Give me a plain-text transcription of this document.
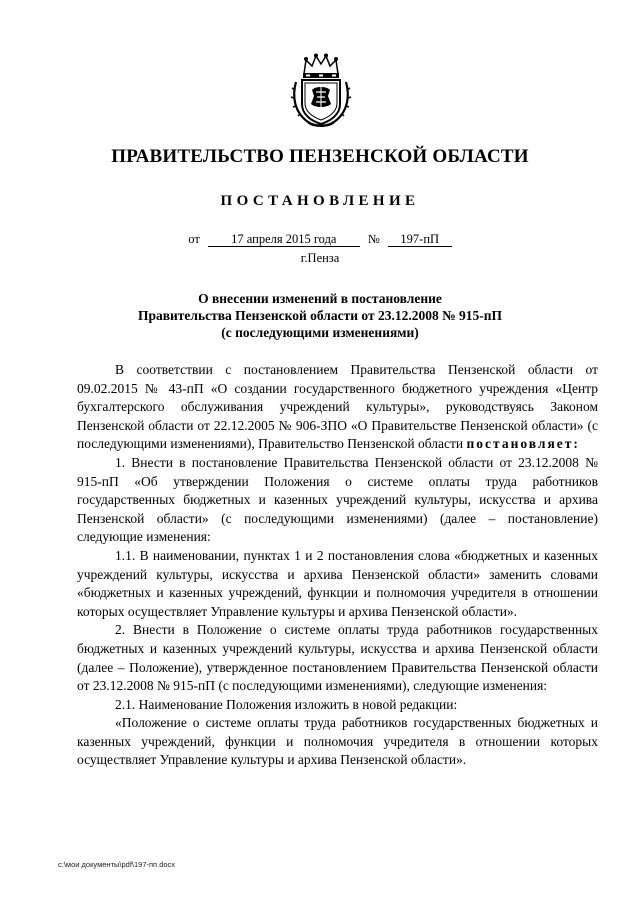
ПРАВИТЕЛЬСТВО ПЕНЗЕНСКОЙ ОБЛАСТИ
ПОСТАНОВЛЕНИЕ
от	17 апреля 2015 года	№ 197-пП
г.Пенза
О внесении изменений в постановление
Правительства Пензенской области от 23.12.2008 № 915-пП
(с последующими изменениями)

В соответствии с постановлением Правительства Пензенской области от 09.02.2015 № 43-пП «О создании государственного бюджетного учреждения «Центр бухгалтерского обслуживания учреждений культуры», руководствуясь Законом Пензенской области от 22.12.2005 № 906-ЗПО «О Правительстве Пензенской области» (с последующими изменениями), Правительство Пензенской области постановляет:

1. Внести в постановление Правительства Пензенской области от 23.12.2008 № 915-пП «Об утверждении Положения о системе оплаты труда работников государственных бюджетных и казенных учреждений культуры, искусства и архива Пензенской области» (с последующими изменениями) (далее – постановление) следующие изменения:

1.1. В наименовании, пунктах 1 и 2 постановления слова «бюджетных и казенных учреждений культуры, искусства и архива Пензенской области» заменить словами «бюджетных и казенных учреждений, функции и полномочия учредителя в отношении которых осуществляет Управление культуры и архива Пензенской области».

2. Внести в Положение о системе оплаты труда работников государственных бюджетных и казенных учреждений культуры, искусства и архива Пензенской области (далее – Положение), утвержденное постановлением Правительства Пензенской области от 23.12.2008 № 915-пП (с последующими изменениями), следующие изменения:

2.1. Наименование Положения изложить в новой редакции:

«Положение о системе оплаты труда работников государственных бюджетных и казенных учреждений, функции и полномочия учредителя в отношении которых осуществляет Управление культуры и архива Пензенской области».

c:\мои документы\pdf\197-пп.docx
